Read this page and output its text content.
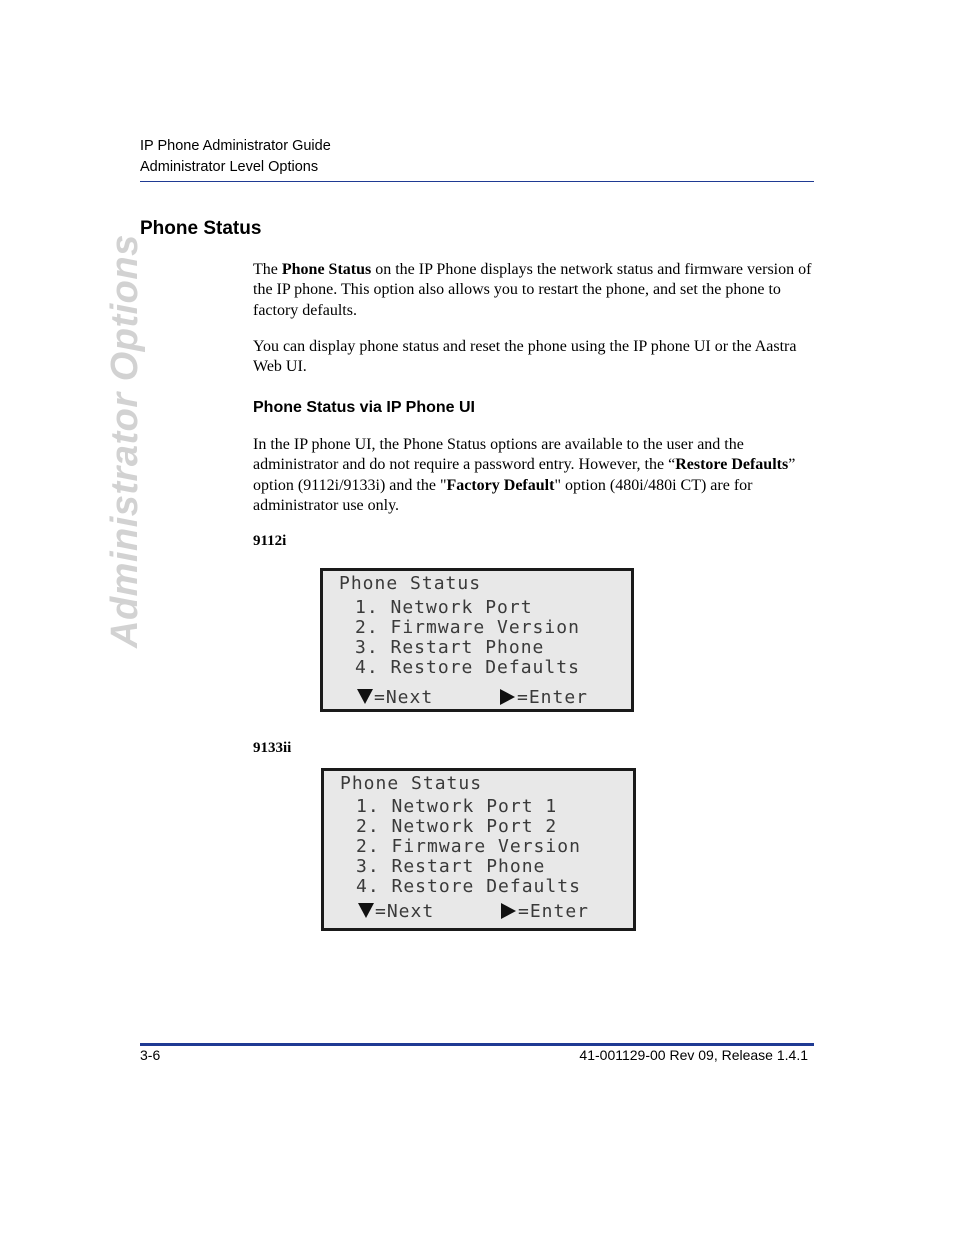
IP Phone Administrator Guide
Administrator Level Options
Administrator Options
Phone Status

The Phone Status on the IP Phone displays the network status and firmware version of the IP phone. This option also allows you to restart the phone, and set the phone to factory defaults.

You can display phone status and reset the phone using the IP phone UI or the Aastra Web UI.

Phone Status via IP Phone UI

In the IP phone UI, the Phone Status options are available to the user and the administrator and do not require a password entry. However, the “Restore Defaults” option (9112i/9133i) and the "Factory Default" option (480i/480i CT) are for administrator use only.

9112i
Phone Status
1. Network Port
2. Firmware Version
3. Restart Phone
4. Restore Defaults
=Next	=Enter
9133ii
Phone Status
1. Network Port 1
2. Network Port 2
2. Firmware Version
3. Restart Phone
4. Restore Defaults
=Next	=Enter
3-6	41-001129-00 Rev 09, Release 1.4.1
